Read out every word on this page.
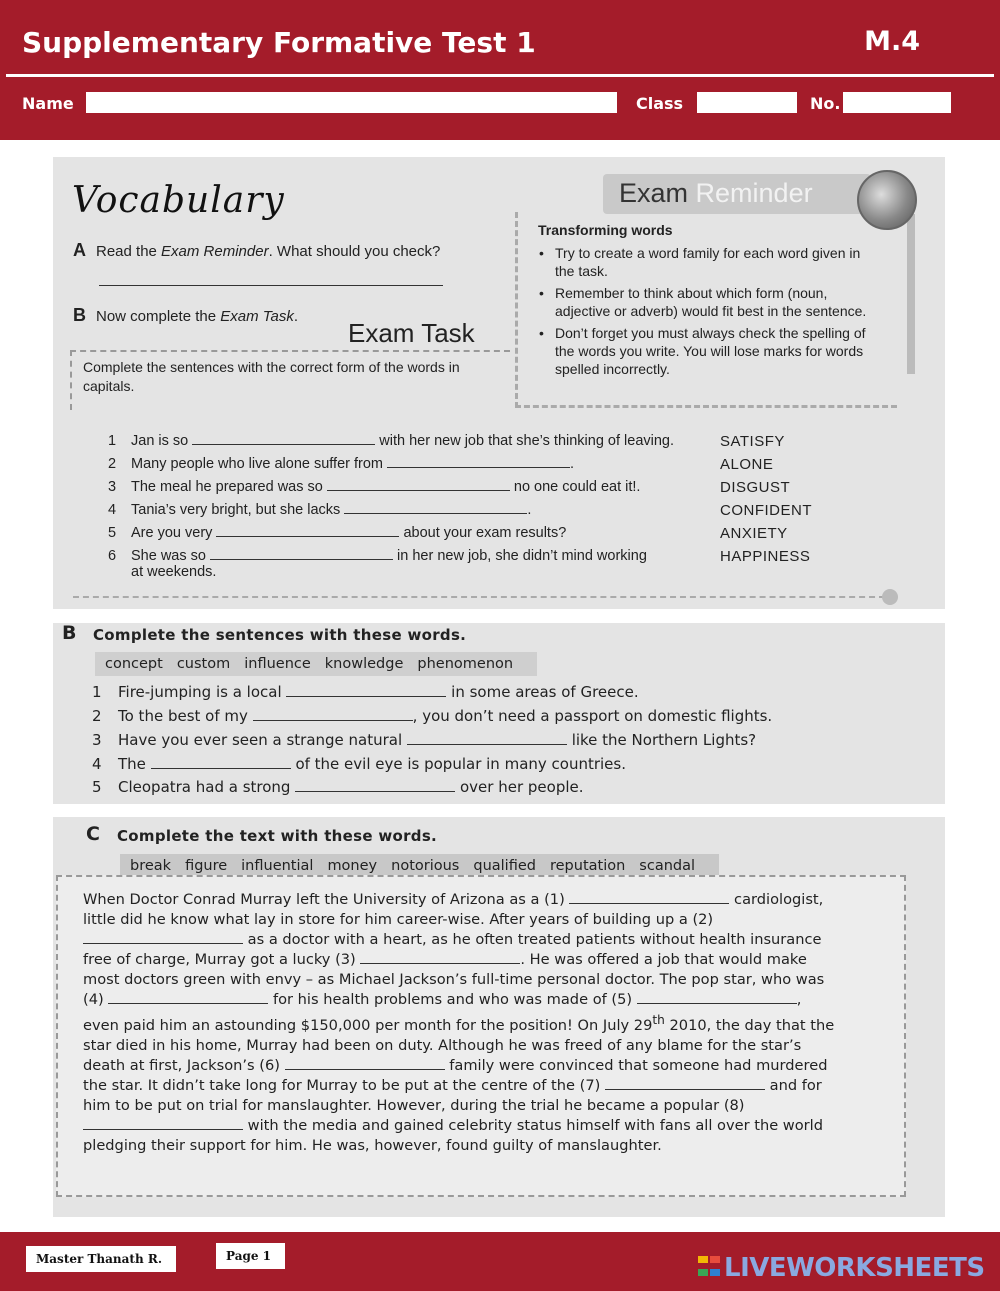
Supplementary Formative Test 1	M.4
Name	Class	No.
Vocabulary
A Read the Exam Reminder. What should you check?
B Now complete the Exam Task.
Exam Task
Complete the sentences with the correct form of the words in capitals.
Exam Reminder
Transforming words
• Try to create a word family for each word given in the task.
• Remember to think about which form (noun, adjective or adverb) would fit best in the sentence.
• Don’t forget you must always check the spelling of the words you write. You will lose marks for words spelled incorrectly.
1 Jan is so	with her new job that she’s thinking of leaving.	SATISFY
2 Many people who live alone suffer from	.	ALONE
3 The meal he prepared was so	no one could eat it!.	DISGUST
4 Tania’s very bright, but she lacks	.	CONFIDENT
5 Are you very	about your exam results?	ANXIETY
6 She was so	in her new job, she didn’t mind working	HAPPINESS
at weekends.
B Complete the sentences with these words.
concept custom influence knowledge phenomenon
1 Fire-jumping is a local	in some areas of Greece.
2 To the best of my	, you don’t need a passport on domestic flights.
3 Have you ever seen a strange natural	like the Northern Lights?
4 The	of the evil eye is popular in many countries.
5 Cleopatra had a strong	over her people.
C Complete the text with these words.
break figure influential money notorious qualified reputation scandal
When Doctor Conrad Murray left the University of Arizona as a (1)	cardiologist, little did he know what lay in store for him career-wise. After years of building up a (2)  as a doctor with a heart, as he often treated patients without health insurance free of charge, Murray got a lucky (3)	. He was offered a job that would make most doctors green with envy – as Michael Jackson’s full-time personal doctor. The pop star, who was (4)	for his health problems and who was made of (5)	, even paid him an astounding $150,000 per month for the position! On July 29th 2010, the day that the star died in his home, Murray had been on duty. Although he was freed of any blame for the star’s death at first, Jackson’s (6)	family were convinced that someone had murdered the star. It didn’t take long for Murray to be put at the centre of the (7)	and for him to be put on trial for manslaughter. However, during the trial he became a popular (8)  with the media and gained celebrity status himself with fans all over the world pledging their support for him. He was, however, found guilty of manslaughter.
Master Thanath R.	Page 1	LIVEWORKSHEETS
